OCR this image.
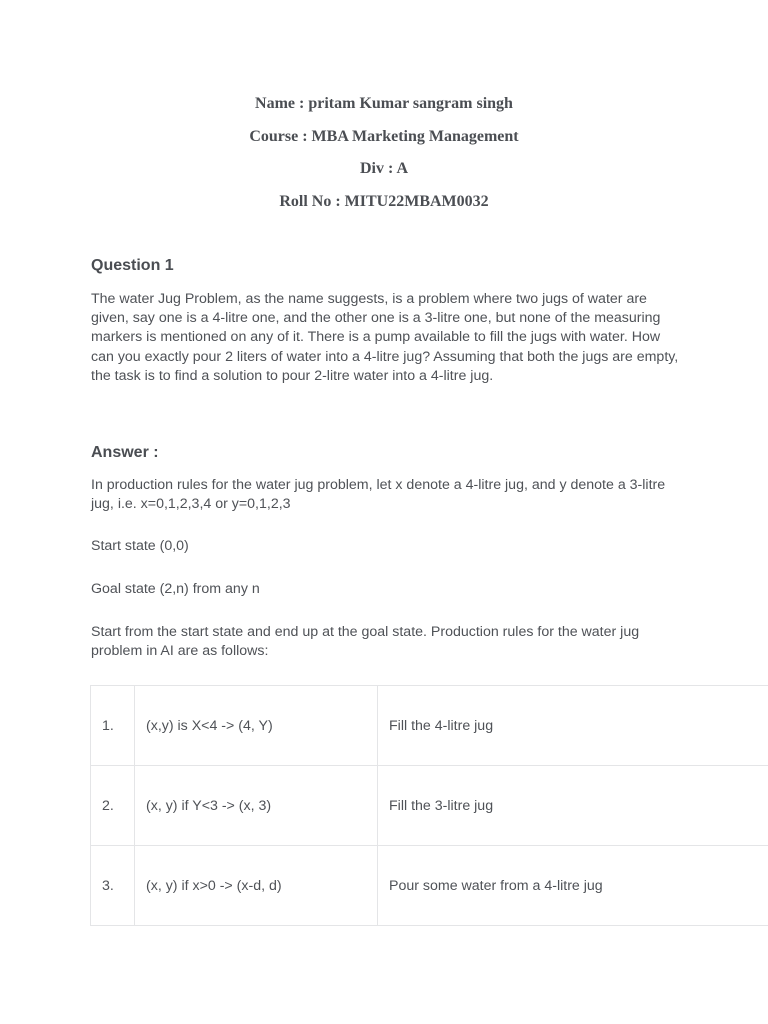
Name : pritam Kumar sangram singh
Course : MBA Marketing Management
Div : A
Roll No : MITU22MBAM0032
Question 1

The water Jug Problem, as the name suggests, is a problem where two jugs of water are given, say one is a 4-litre one, and the other one is a 3-litre one, but none of the measuring markers is mentioned on any of it. There is a pump available to fill the jugs with water. How can you exactly pour 2 liters of water into a 4-litre jug? Assuming that both the jugs are empty, the task is to find a solution to pour 2-litre water into a 4-litre jug.

Answer :

In production rules for the water jug problem, let x denote a 4-litre jug, and y denote a 3-litre jug, i.e. x=0,1,2,3,4 or y=0,1,2,3

Start state (0,0)

Goal state (2,n) from any n

Start from the start state and end up at the goal state. Production rules for the water jug problem in AI are as follows:

1.	(x,y) is X<4 -> (4, Y)	Fill the 4-litre jug
2.	(x, y) if Y<3 -> (x, 3)	Fill the 3-litre jug
3.	(x, y) if x>0 -> (x-d, d)	Pour some water from a 4-litre jug
